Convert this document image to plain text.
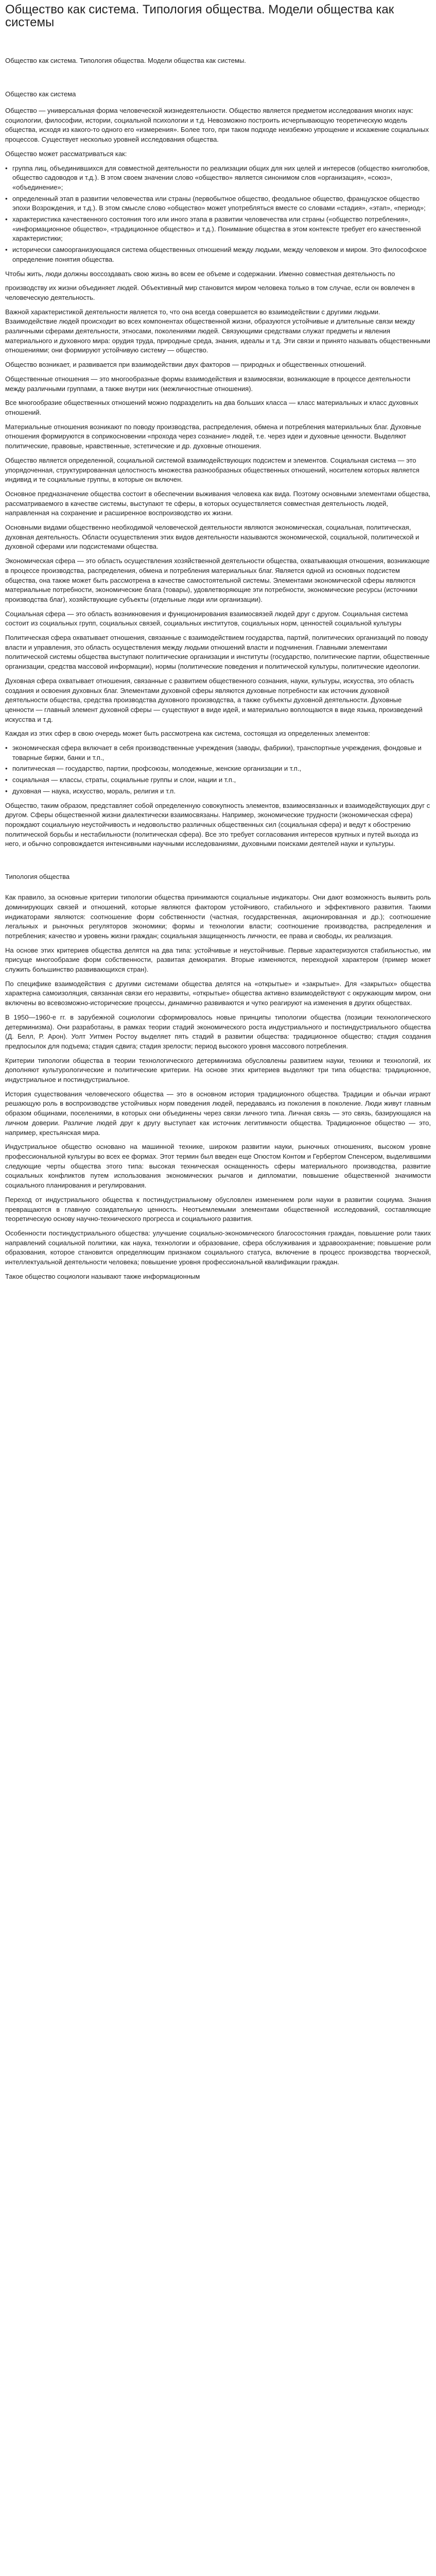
Общество как система. Типология общества. Модели общества как системы
Общество как система. Типология общества. Модели общества как системы.
Общество как система

Общество — универсальная форма человеческой жизнедеятельности. Общество является предметом исследования многих наук: социологии, философии, истории, социальной психологии и т.д. Невозможно построить исчерпывающую теоретическую модель общества, исходя из какого-то одного его «измерения». Более того, при таком подходе неизбежно упрощение и искажение социальных процессов. Существует несколько уровней исследования общества.

Общество может рассматриваться как:

• группа лиц, объединившихся для совместной деятельности по реализации общих для них целей и интересов (общество книголюбов, общество садоводов и т.д.). В этом своем значении слово «общество» является синонимом слов «организация», «союз», «объединение»;
• определенный этап в развитии человечества или страны (первобытное общество, феодальное общество, французское общество эпохи Возрождения, и т.д.). В этом смысле слово «общество» может употребляться вместе со словами «стадия», «этап», «период»;
• характеристика качественного состояния того или иного этапа в развитии человечества или страны («общество потребления», «информационное общество», «традиционное общество» и т.д.). Понимание общества в этом контексте требует его качественной характеристики;
• исторически самоорганизующаяся система общественных отношений между людьми, между человеком и миром. Это философское определение понятия общества.

Чтобы жить, люди должны воссоздавать свою жизнь во всем ее объеме и содержании. Именно совместная деятельность по

производству их жизни объединяет людей. Объективный мир становится миром человека только в том случае, если он вовлечен в человеческую деятельность.

Важной характеристикой деятельности является то, что она всегда совершается во взаимодействии с другими людьми. Взаимодействие людей происходит во всех компонентах общественной жизни, образуются устойчивые и длительные связи между различными сферами деятельности, этносами, поколениями людей. Связующими средствами служат предметы и явления материального и духовного мира: орудия труда, природные среда, знания, идеалы и т.д. Эти связи и принято называть общественными отношениями; они формируют устойчивую систему — общество.

Общество возникает, и развивается при взаимодействии двух факторов — природных и общественных отношений.

Общественные отношения — это многообразные формы взаимодействия и взаимосвязи, возникающие в процессе деятельности между различными группами, а также внутри них (межличностные отношения).

Все многообразие общественных отношений можно подразделить на два больших класса — класс материальных и класс духовных отношений.

Материальные отношения возникают по поводу производства, распределения, обмена и потребления материальных благ. Духовные отношения формируются в соприкосновении «прохода через сознание» людей, т.е. через идеи и духовные ценности. Выделяют политические, правовые, нравственные, эстетические и др. духовные отношения.

Общество является определенной, социальной системой взаимодействующих подсистем и элементов. Социальная система — это упорядоченная, структурированная целостность множества разнообразных общественных отношений, носителем которых является индивид и те социальные группы, в которые он включен.

Основное предназначение общества состоит в обеспечении выживания человека как вида. Поэтому основными элементами общества, рассматриваемого в качестве системы, выступают те сферы, в которых осуществляется совместная деятельность людей, направленная на сохранение и расширенное воспроизводство их жизни.

Основными видами общественно необходимой человеческой деятельности являются экономическая, социальная, политическая, духовная деятельность. Области осуществления этих видов деятельности называются экономической, социальной, политической и духовной сферами или подсистемами общества.

Экономическая сфера — это область осуществления хозяйственной деятельности общества, охватывающая отношения, возникающие в процессе производства, распределения, обмена и потребления материальных благ. Является одной из основных подсистем общества, она также может быть рассмотрена в качестве самостоятельной системы. Элементами экономической сферы являются материальные потребности, экономические блага (товары), удовлетворяющие эти потребности, экономические ресурсы (источники производства благ), хозяйствующие субъекты (отдельные люди или организации).

Социальная сфера — это область возникновения и функционирования взаимосвязей людей друг с другом. Социальная система состоит из социальных групп, социальных связей, социальных институтов, социальных норм, ценностей социальной культуры

Политическая сфера охватывает отношения, связанные с взаимодействием государства, партий, политических организаций по поводу власти и управления, это область осуществления между людьми отношений власти и подчинения. Главными элементами политической системы общества выступают политические организации и институты (государство, политические партии, общественные организации, средства массовой информации), нормы (политические поведения и политической культуры, политические идеологии.

Духовная сфера охватывает отношения, связанные с развитием общественного сознания, науки, культуры, искусства, это область создания и освоения духовных благ. Элементами духовной сферы являются духовные потребности как источник духовной деятельности общества, средства производства духовного производства, а также субъекты духовной деятельности. Духовные ценности — главный элемент духовной сферы — существуют в виде идей, и материально воплощаются в виде языка, произведений искусства и т.д.

Каждая из этих сфер в свою очередь может быть рассмотрена как система, состоящая из определенных элементов:

• экономическая сфера включает в себя производственные учреждения (заводы, фабрики), транспортные учреждения, фондовые и товарные биржи, банки и т.п.,
• политическая — государство, партии, профсоюзы, молодежные, женские организации и т.п.,
• социальная — классы, страты, социальные группы и слои, нации и т.п.,
• духовная — наука, искусство, мораль, религия и т.п.

Общество, таким образом, представляет собой определенную совокупность элементов, взаимосвязанных и взаимодействующих друг с другом. Сферы общественной жизни диалектически взаимосвязаны. Например, экономические трудности (экономическая сфера) порождают социальную неустойчивость и недовольство различных общественных сил (социальная сфера) и ведут к обострению политической борьбы и нестабильности (политическая сфера). Все это требует согласования интересов крупных и путей выхода из него, и обычно сопровождается интенсивными научными исследованиями, духовными поисками деятелей науки и культуры.

Типология общества

Как правило, за основные критерии типологии общества принимаются социальные индикаторы. Они дают возможность выявить роль доминирующих связей и отношений, которые являются фактором устойчивого, стабильного и эффективного развития. Такими индикаторами являются: соотношение форм собственности (частная, государственная, акционированная и др.); соотношение легальных и рыночных регуляторов экономики; формы и технологии власти; соотношение производства, распределения и потребления; качество и уровень жизни граждан; социальная защищенность личности, ее права и свободы, их реализация.

На основе этих критериев общества делятся на два типа: устойчивые и неустойчивые. Первые характеризуются стабильностью, им присуще многообразие форм собственности, развитая демократия. Вторые изменяются, переходной характером (пример может служить большинство развивающихся стран).

По специфике взаимодействия с другими системами общества делятся на «открытые» и «закрытые». Для «закрытых» общества характерна самоизоляция, связанная связи его неразвиты, «открытые» общества активно взаимодействуют с окружающим миром, они включены во всевозможно-исторические процессы, динамично развиваются и чутко реагируют на изменения в других обществах.

В 1950—1960-е гг. в зарубежной социологии сформировалось новые принципы типологии общества (позиции технологического детерминизма). Они разработаны, в рамках теории стадий экономического роста индустриального и постиндустриального общества (Д. Белл, Р. Арон). Уолт Уитмен Ростоу выделяет пять стадий в развитии общества: традиционное общество; стадия создания предпосылок для подъема; стадия сдвига; стадия зрелости; период высокого уровня массового потребления.

Критерии типологии общества в теории технологического детерминизма обусловлены развитием науки, техники и технологий, их дополняют культурологические и политические критерии. На основе этих критериев выделяют три типа общества: традиционное, индустриальное и постиндустриальное.

История существования человеческого общества — это в основном история традиционного общества. Традиции и обычаи играют решающую роль в воспроизводстве устойчивых норм поведения людей, передаваясь из поколения в поколение. Люди живут главным образом общинами, поселениями, в которых они объединены через связи личного типа. Личная связь — это связь, базирующаяся на личном доверии. Различие людей друг к другу выступает как источник легитимности общества. Традиционное общество — это, например, крестьянская мира.

Индустриальное общество основано на машинной технике, широком развитии науки, рыночных отношениях, высоком уровне профессиональной культуры во всех ее формах. Этот термин был введен еще Огюстом Контом и Гербертом Спенсером, выделившими следующие черты общества этого типа: высокая техническая оснащенность сферы материального производства, развитие социальных конфликтов путем использования экономических рычагов и дипломатии, повышение общественной значимости социального планирования и регулирования.

Переход от индустриального общества к постиндустриальному обусловлен изменением роли науки в развитии социума. Знания превращаются в главную созидательную ценность. Неотъемлемыми элементами общественной исследований, составляющие теоретическую основу научно-технического прогресса и социального развития.

Особенности постиндустриального общества: улучшение социально-экономического благосостояния граждан, повышение роли таких направлений социальной политики, как наука, технологии и образование, сфера обслуживания и здравоохранение; повышение роли образования, которое становится определяющим признаком социального статуса, включение в процесс производства творческой, интеллектуальной деятельности человека; повышение уровня профессиональной квалификации граждан.

Такое общество социологи называют также информационным
